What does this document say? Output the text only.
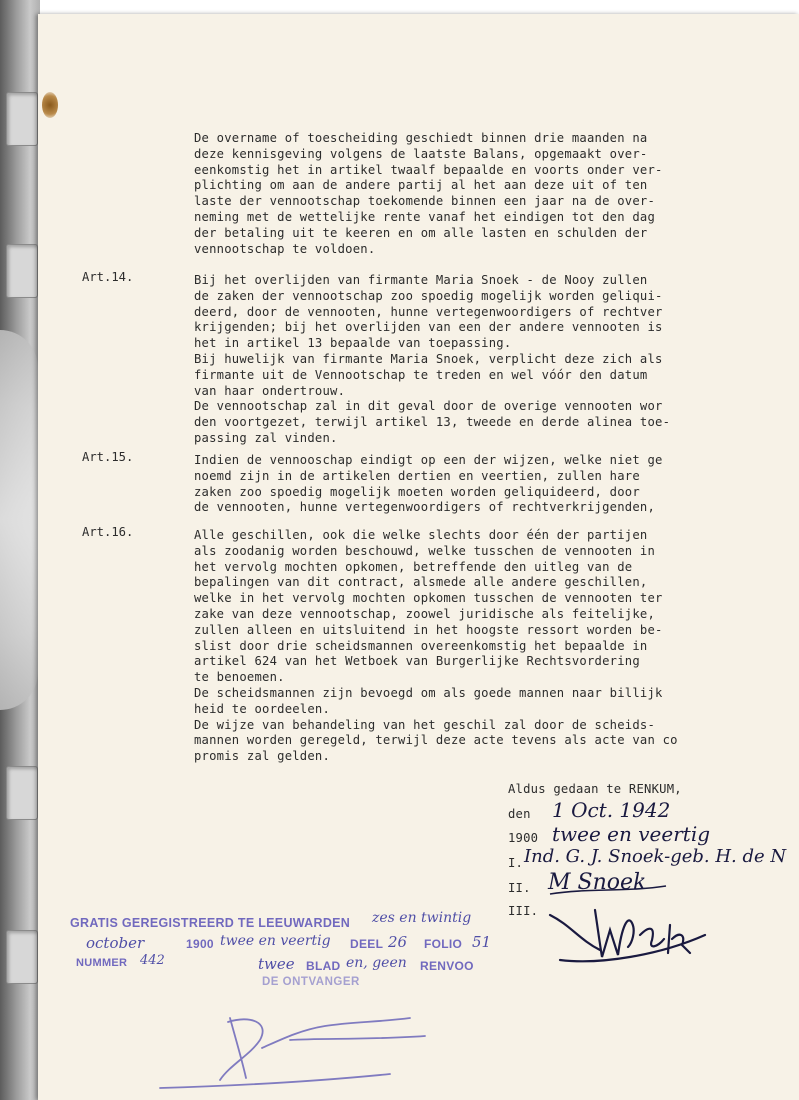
De overname of toescheiding geschiedt binnen drie maanden na
deze kennisgeving volgens de laatste Balans, opgemaakt over-
eenkomstig het in artikel twaalf bepaalde en voorts onder ver-
plichting om aan de andere partij al het aan deze uit of ten
laste der vennootschap toekomende binnen een jaar na de over-
neming met de wettelijke rente vanaf het eindigen tot den dag
der betaling uit te keeren en om alle lasten en schulden der
vennootschap te voldoen.
Art.14.	Bij het overlijden van firmante Maria Snoek - de Nooy zullen
de zaken der vennootschap zoo spoedig mogelijk worden geliqui-
deerd, door de vennooten, hunne vertegenwoordigers of rechtver
krijgenden; bij het overlijden van een der andere vennooten is
het in artikel 13 bepaalde van toepassing.
Bij huwelijk van firmante Maria Snoek, verplicht deze zich als
firmante uit de Vennootschap te treden en wel vóór den datum
van haar ondertrouw.
De vennootschap zal in dit geval door de overige vennooten wor
den voortgezet, terwijl artikel 13, tweede en derde alinea toe-
passing zal vinden.
Art.15.	Indien de vennooschap eindigt op een der wijzen, welke niet ge
noemd zijn in de artikelen dertien en veertien, zullen hare
zaken zoo spoedig mogelijk moeten worden geliquideerd, door
de vennooten, hunne vertegenwoordigers of rechtverkrijgenden,
Art.16.	Alle geschillen, ook die welke slechts door één der partijen
als zoodanig worden beschouwd, welke tusschen de vennooten in
het vervolg mochten opkomen, betreffende den uitleg van de
bepalingen van dit contract, alsmede alle andere geschillen,
welke in het vervolg mochten opkomen tusschen de vennooten ter
zake van deze vennootschap, zoowel juridische als feitelijke,
zullen alleen en uitsluitend in het hoogste ressort worden be-
slist door drie scheidsmannen overeenkomstig het bepaalde in
artikel 624 van het Wetboek van Burgerlijke Rechtsvordering
te benoemen.
De scheidsmannen zijn bevoegd om als goede mannen naar billijk
heid te oordeelen.
De wijze van behandeling van het geschil zal door de scheids-
mannen worden geregeld, terwijl deze acte tevens als acte van co
promis zal gelden.
Aldus gedaan te RENKUM,
den 1 Oct. 1942
1900 twee en veertig
I. Ind. G. J. Snoek-geb. H. de N
II. M Snoek
III.
GRATIS GEREGISTREERD TE LEEUWARDEN zes en twintig
october	1900 twee en veertig DEEL 26 FOLIO 51
NUMMER 442	twee BLAD en, geen RENVOO
DE ONTVANGER
